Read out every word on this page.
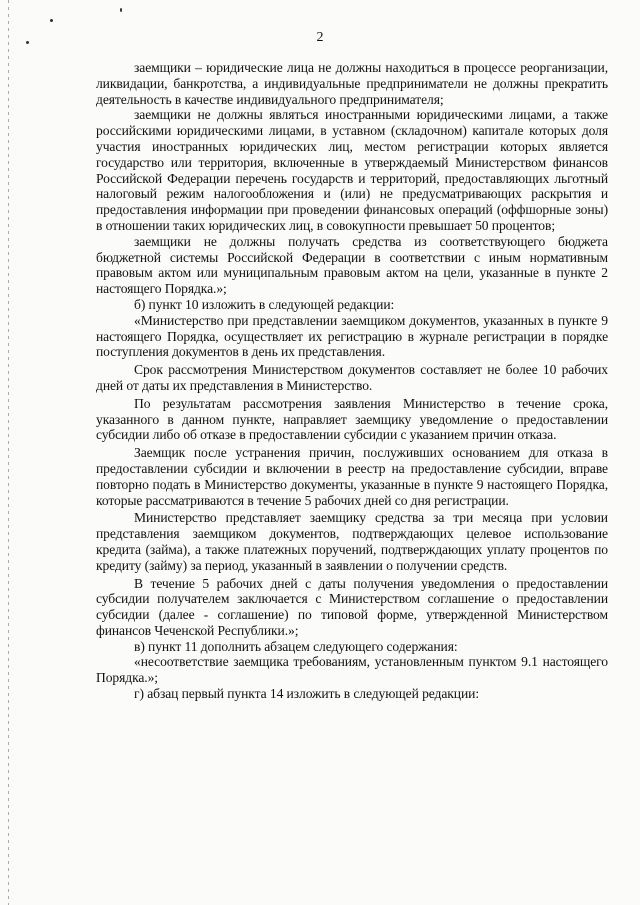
2

заемщики – юридические лица не должны находиться в процессе реорганизации, ликвидации, банкротства, а индивидуальные предприниматели не должны прекратить деятельность в качестве индивидуального предпринимателя;

заемщики не должны являться иностранными юридическими лицами, а также российскими юридическими лицами, в уставном (складочном) капитале которых доля участия иностранных юридических лиц, местом регистрации которых является государство или территория, включенные в утверждаемый Министерством финансов Российской Федерации перечень государств и территорий, предоставляющих льготный налоговый режим налогообложения и (или) не предусматривающих раскрытия и предоставления информации при проведении финансовых операций (оффшорные зоны) в отношении таких юридических лиц, в совокупности превышает 50 процентов;

заемщики не должны получать средства из соответствующего бюджета бюджетной системы Российской Федерации в соответствии с иным нормативным правовым актом или муниципальным правовым актом на цели, указанные в пункте 2 настоящего Порядка.»;

б) пункт 10 изложить в следующей редакции:

«Министерство при представлении заемщиком документов, указанных в пункте 9 настоящего Порядка, осуществляет их регистрацию в журнале регистрации в порядке поступления документов в день их представления.

Срок рассмотрения Министерством документов составляет не более 10 рабочих дней от даты их представления в Министерство.

По результатам рассмотрения заявления Министерство в течение срока, указанного в данном пункте, направляет заемщику уведомление о предоставлении субсидии либо об отказе в предоставлении субсидии с указанием причин отказа.

Заемщик после устранения причин, послуживших основанием для отказа в предоставлении субсидии и включении в реестр на предоставление субсидии, вправе повторно подать в Министерство документы, указанные в пункте 9 настоящего Порядка, которые рассматриваются в течение 5 рабочих дней со дня регистрации.

Министерство представляет заемщику средства за три месяца при условии представления заемщиком документов, подтверждающих целевое использование кредита (займа), а также платежных поручений, подтверждающих уплату процентов по кредиту (займу) за период, указанный в заявлении о получении средств.

В течение 5 рабочих дней с даты получения уведомления о предоставлении субсидии получателем заключается с Министерством соглашение о предоставлении субсидии (далее - соглашение) по типовой форме, утвержденной Министерством финансов Чеченской Республики.»;

в) пункт 11 дополнить абзацем следующего содержания:

«несоответствие заемщика требованиям, установленным пунктом 9.1 настоящего Порядка.»;

г) абзац первый пункта 14 изложить в следующей редакции:
